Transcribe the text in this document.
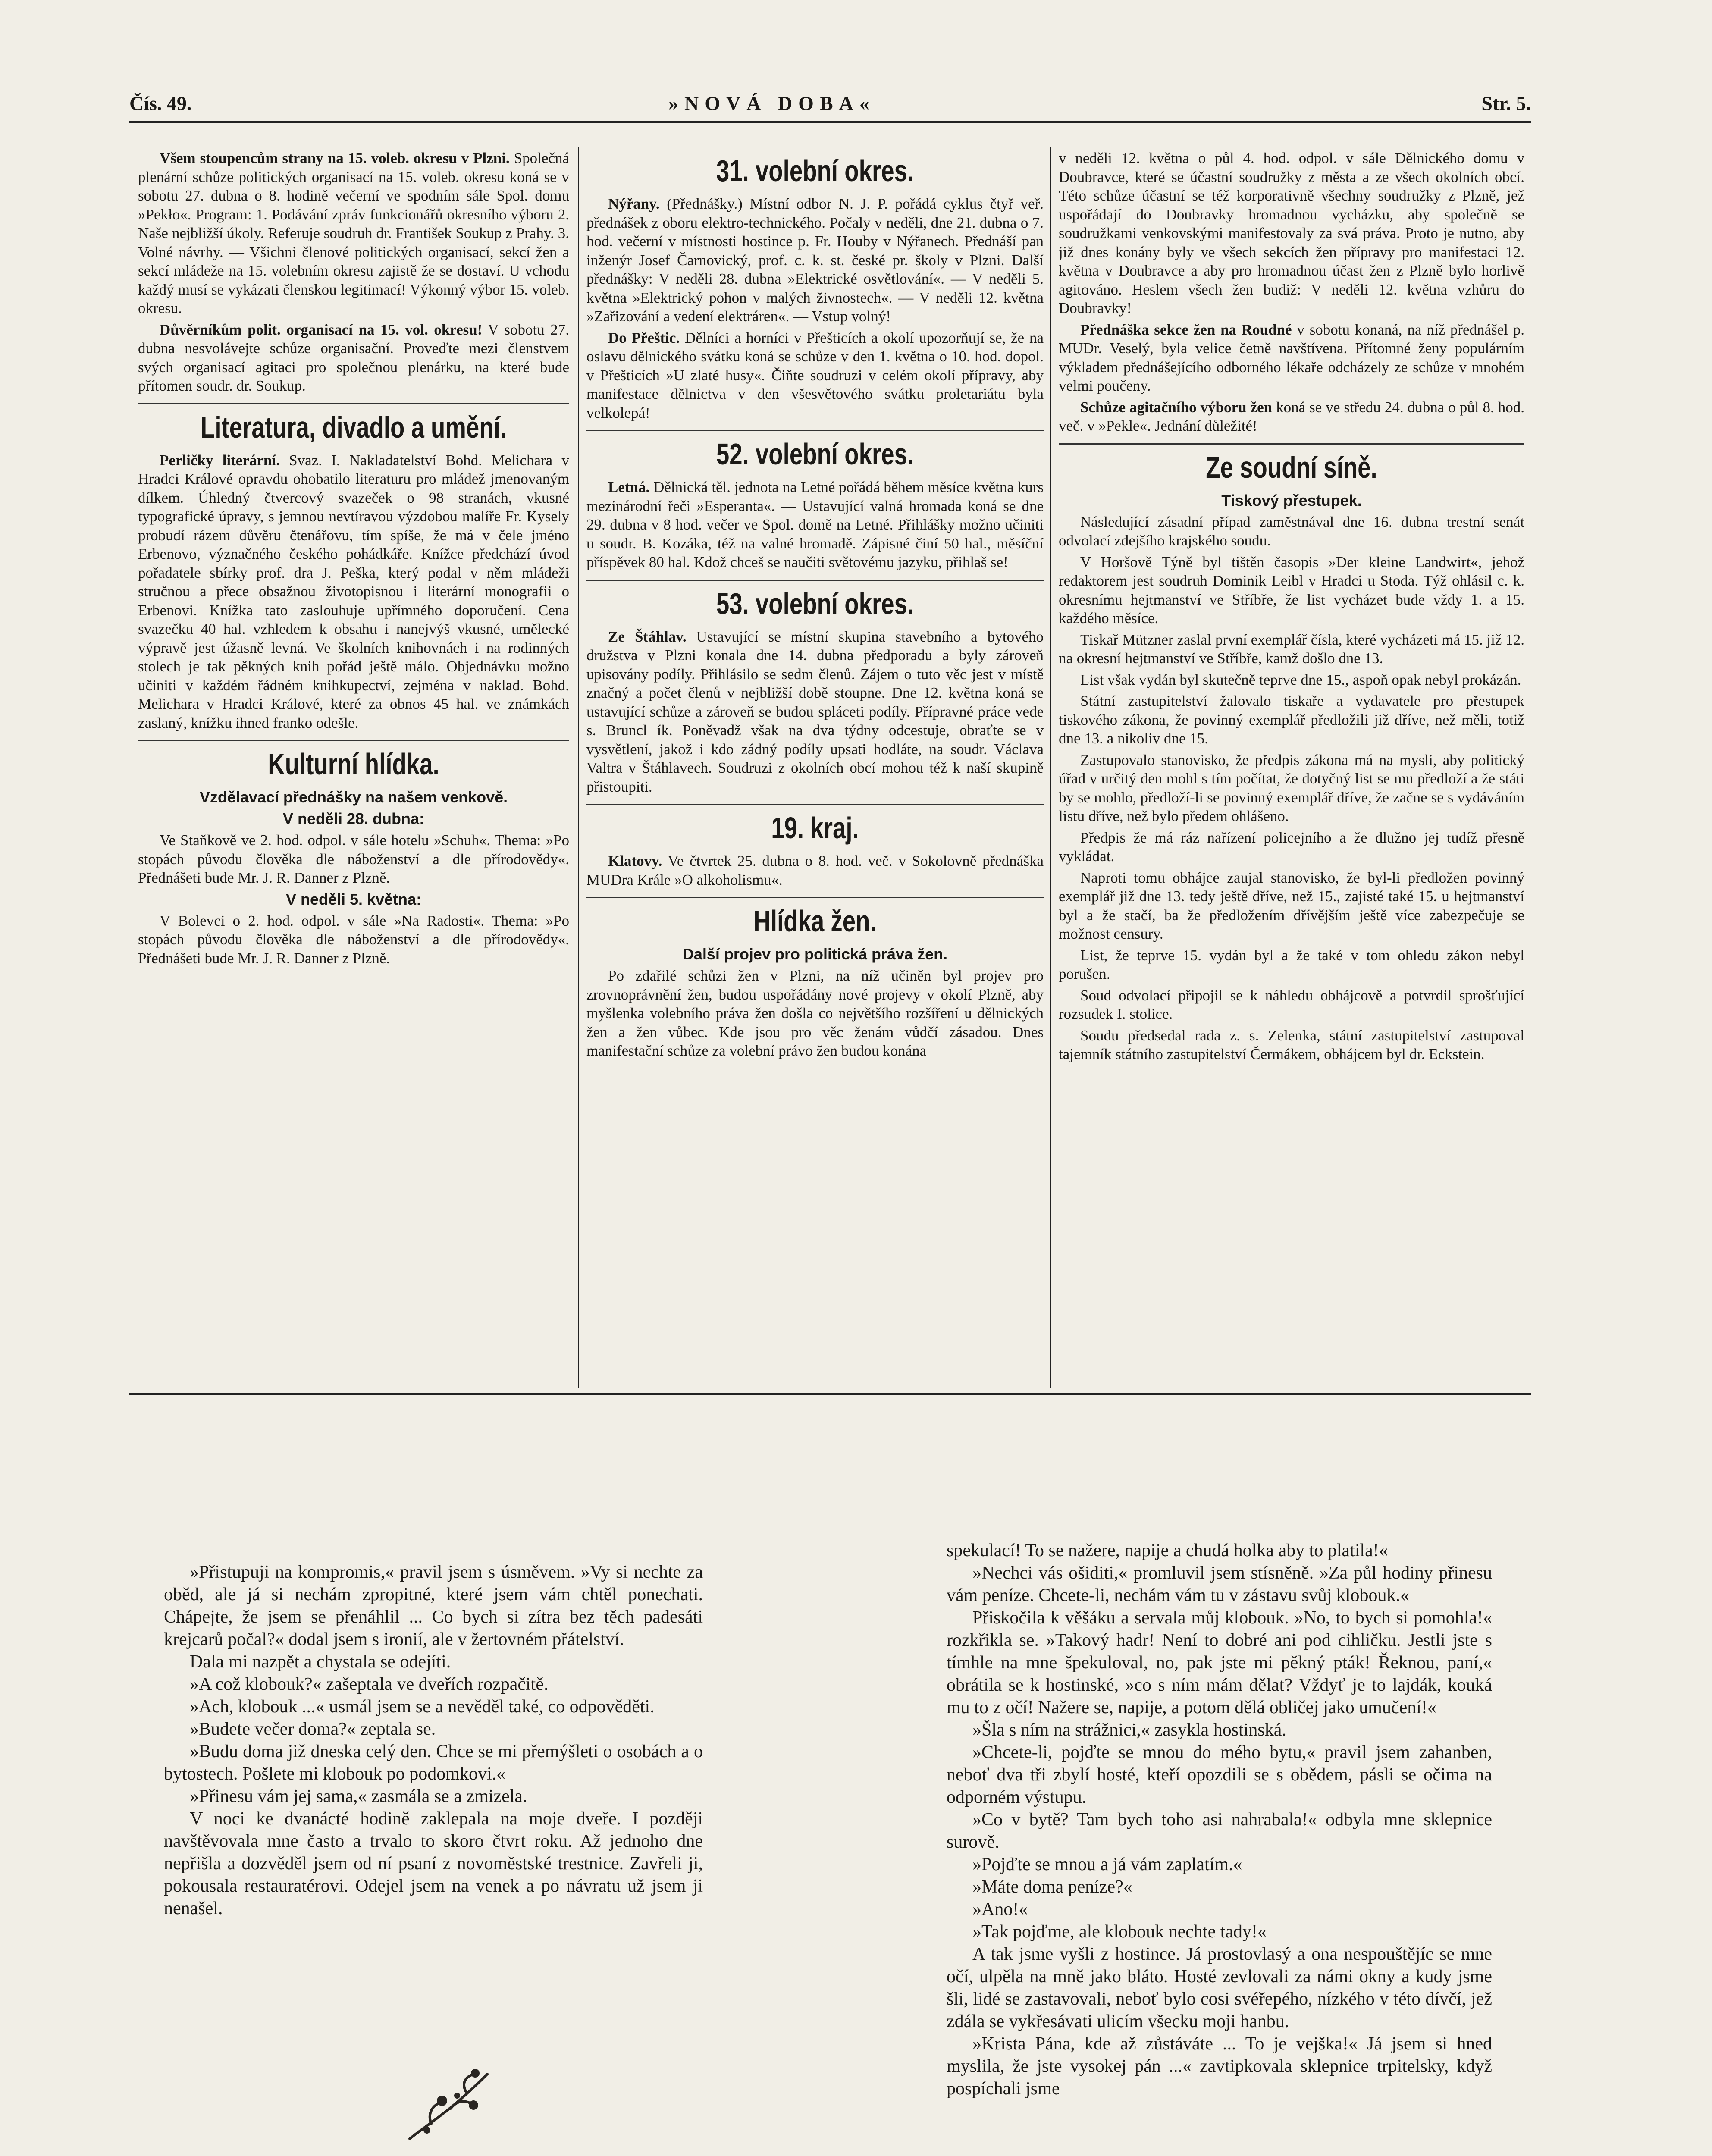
Čís. 49.	»NOVÁ DOBA«	Str. 5.

Všem stoupencům strany na 15. voleb. okresu v Plzni. Společná plenární schůze politických organisací na 15. voleb. okresu koná se v sobotu 27. dubna o 8. hodině večerní ve spodním sále Spol. domu »Pekło«. Program: 1. Podávání zpráv funkcionářů okresního výboru 2. Naše nejbližší úkoly. Referuje soudruh dr. František Soukup z Prahy. 3. Volné návrhy. — Všichni členové politických organisací, sekcí žen a sekcí mládeže na 15. volebním okresu zajistě že se dostaví. U vchodu každý musí se vykázati členskou legitimací! Výkonný výbor 15. voleb. okresu.

Důvěrníkům polit. organisací na 15. vol. okresu! V sobotu 27. dubna nesvolávejte schůze organisační. Proveďte mezi členstvem svých organisací agitaci pro společnou plenárku, na které bude přítomen soudr. dr. Soukup.

Literatura, divadlo a umění.

Perličky literární. Svaz. I. Nakladatelství Bohd. Melichara v Hradci Králové opravdu ohobatilo literaturu pro mládež jmenovaným dílkem. Úhledný čtvercový svazeček o 98 stranách, vkusné typografické úpravy, s jemnou nevtíravou výzdobou malíře Fr. Kysely probudí rázem důvěru čtenářovu, tím spíše, že má v čele jméno Erbenovo, význačného českého pohádkáře. Knížce předchází úvod pořadatele sbírky prof. dra J. Peška, který podal v něm mládeži stručnou a přece obsažnou životopisnou i literární monografii o Erbenovi. Knížka tato zaslouhuje upřímného doporučení. Cena svazečku 40 hal. vzhledem k obsahu i nanejvýš vkusné, umělecké výpravě jest úžasně levná. Ve školních knihovnách i na rodinných stolech je tak pěkných knih pořád ještě málo. Objednávku možno učiniti v každém řádném knihkupectví, zejména v naklad. Bohd. Melichara v Hradci Králové, které za obnos 45 hal. ve známkách zaslaný, knížku ihned franko odešle.

Kulturní hlídka.
Vzdělavací přednášky na našem venkově.
V neděli 28. dubna:

Ve Staňkově ve 2. hod. odpol. v sále hotelu »Schuh«. Thema: »Po stopách původu člověka dle náboženství a dle přírodovědy«. Přednášeti bude Mr. J. R. Danner z Plzně.

V neděli 5. května:

V Bolevci o 2. hod. odpol. v sále »Na Radosti«. Thema: »Po stopách původu člověka dle náboženství a dle přírodovědy«. Přednášeti bude Mr. J. R. Danner z Plzně.

31. volební okres.

Nýřany. (Přednášky.) Místní odbor N. J. P. pořádá cyklus čtyř veř. přednášek z oboru elektro-technického. Počaly v neděli, dne 21. dubna o 7. hod. večerní v místnosti hostince p. Fr. Houby v Nýřanech. Přednáší pan inženýr Josef Čarnovický, prof. c. k. st. české pr. školy v Plzni. Další přednášky: V neděli 28. dubna »Elektrické osvětlování«. — V neděli 5. května »Elektrický pohon v malých živnostech«. — V neděli 12. května »Zařizování a vedení elektráren«. — Vstup volný!

Do Přeštic. Dělníci a horníci v Přešticích a okolí upozorňují se, že na oslavu dělnického svátku koná se schůze v den 1. května o 10. hod. dopol. v Přešticích »U zlaté husy«. Čiňte soudruzi v celém okolí přípravy, aby manifestace dělnictva v den všesvětového svátku proletariátu byla velkolepá!

52. volební okres.

Letná. Dělnická těl. jednota na Letné pořádá během měsíce května kurs mezinárodní řeči »Esperanta«. — Ustavující valná hromada koná se dne 29. dubna v 8 hod. večer ve Spol. domě na Letné. Přihlášky možno učiniti u soudr. B. Kozáka, též na valné hromadě. Zápisné činí 50 hal., měsíční příspěvek 80 hal. Kdož chceš se naučiti světovému jazyku, přihlaš se!

53. volební okres.

Ze Štáhlav. Ustavující se místní skupina stavebního a bytového družstva v Plzni konala dne 14. dubna předporadu a byly zároveň upisovány podíly. Přihlásilo se sedm členů. Zájem o tuto věc jest v místě značný a počet členů v nejbližší době stoupne. Dne 12. května koná se ustavující schůze a zároveň se budou spláceti podíly. Přípravné práce vede s. Bruncl ík. Poněvadž však na dva týdny odcestuje, obraťte se v vysvětlení, jakož i kdo zádný podíly upsati hodláte, na soudr. Václava Valtra v Štáhlavech. Soudruzi z okolních obcí mohou též k naší skupině přistoupiti.

19. kraj.

Klatovy. Ve čtvrtek 25. dubna o 8. hod. več. v Sokolovně přednáška MUDra Krále »O alkoholismu«.

Hlídka žen.
Další projev pro politická práva žen.

Po zdařilé schůzi žen v Plzni, na níž učiněn byl projev pro zrovnoprávnění žen, budou uspořádány nové projevy v okolí Plzně, aby myšlenka volebního práva žen došla co největšího rozšíření u dělnických žen a žen vůbec. Kde jsou pro věc ženám vůdčí zásadou. Dnes manifestační schůze za volební právo žen budou konána

v neděli 12. května o půl 4. hod. odpol. v sále Dělnického domu v Doubravce, které se účastní soudružky z města a ze všech okolních obcí. Této schůze účastní se též korporativně všechny soudružky z Plzně, jež uspořádají do Doubravky hromadnou vycházku, aby společně se soudružkami venkovskými manifestovaly za svá práva. Proto je nutno, aby již dnes konány byly ve všech sekcích žen přípravy pro manifestaci 12. května v Doubravce a aby pro hromadnou účast žen z Plzně bylo horlivě agitováno. Heslem všech žen budiž: V neděli 12. května vzhůru do Doubravky!

Přednáška sekce žen na Roudné v sobotu konaná, na níž přednášel p. MUDr. Veselý, byla velice četně navštívena. Přítomné ženy populárním výkladem přednášejícího odborného lékaře odcházely ze schůze v mnohém velmi poučeny.

Schůze agitačního výboru žen koná se ve středu 24. dubna o půl 8. hod. več. v »Pekle«. Jednání důležité!

Ze soudní síně.
Tiskový přestupek.

Následující zásadní případ zaměstnával dne 16. dubna trestní senát odvolací zdejšího krajského soudu.

V Horšově Týně byl tištěn časopis »Der kleine Landwirt«, jehož redaktorem jest soudruh Dominik Leibl v Hradci u Stoda. Týž ohlásil c. k. okresnímu hejtmanství ve Stříbře, že list vycházet bude vždy 1. a 15. každého měsíce.

Tiskař Mützner zaslal první exemplář čísla, které vycházeti má 15. již 12. na okresní hejtmanství ve Stříbře, kamž došlo dne 13.

List však vydán byl skutečně teprve dne 15., aspoň opak nebyl prokázán.

Státní zastupitelství žalovalo tiskaře a vydavatele pro přestupek tiskového zákona, že povinný exemplář předložili již dříve, než měli, totiž dne 13. a nikoliv dne 15.

Zastupovalo stanovisko, že předpis zákona má na mysli, aby politický úřad v určitý den mohl s tím počítat, že dotyčný list se mu předloží a že státi by se mohlo, předloží-li se povinný exemplář dříve, že začne se s vydáváním listu dříve, než bylo předem ohlášeno.

Předpis že má ráz nařízení policejního a že dlužno jej tudíž přesně vykládat.

Naproti tomu obhájce zaujal stanovisko, že byl-li předložen povinný exemplář již dne 13. tedy ještě dříve, než 15., zajisté také 15. u hejtmanství byl a že stačí, ba že předložením dřívějším ještě více zabezpečuje se možnost censury.

List, že teprve 15. vydán byl a že také v tom ohledu zákon nebyl porušen.

Soud odvolací připojil se k náhledu obhájcově a potvrdil sprošťující rozsudek I. stolice.

Soudu předsedal rada z. s. Zelenka, státní zastupitelství zastupoval tajemník státního zastupitelství Čermákem, obhájcem byl dr. Eckstein.

»Přistupuji na kompromis,« pravil jsem s úsměvem. »Vy si nechte za oběd, ale já si nechám zpropitné, které jsem vám chtěl ponechati. Chápejte, že jsem se přenáhlil ... Co bych si zítra bez těch padesáti krejcarů počal?« dodal jsem s ironií, ale v žertovném přátelství.

Dala mi nazpět a chystala se odejíti.

»A což klobouk?« zašeptala ve dveřích rozpačitě.

»Ach, klobouk ...« usmál jsem se a nevěděl také, co odpověděti.

»Budete večer doma?« zeptala se.

»Budu doma již dneska celý den. Chce se mi přemýšleti o osobách a o bytostech. Pošlete mi klobouk po podomkovi.«

»Přinesu vám jej sama,« zasmála se a zmizela.

V noci ke dvanácté hodině zaklepala na moje dveře. I později navštěvovala mne často a trvalo to skoro čtvrt roku. Až jednoho dne nepřišla a dozvěděl jsem od ní psaní z novoměstské trestnice. Zavřeli ji, pokousala restauratérovi. Odejel jsem na venek a po návratu už jsem ji nenašel.

spekulací! To se nažere, napije a chudá holka aby to platila!«

»Nechci vás ošiditi,« promluvil jsem stísněně. »Za půl hodiny přinesu vám peníze. Chcete-li, nechám vám tu v zástavu svůj klobouk.«

Přiskočila k věšáku a servala můj klobouk. »No, to bych si pomohla!« rozkřikla se. »Takový hadr! Není to dobré ani pod cihličku. Jestli jste s tímhle na mne špekuloval, no, pak jste mi pěkný pták! Řeknou, paní,« obrátila se k hostinské, »co s ním mám dělat? Vždyť je to lajdák, kouká mu to z očí! Nažere se, napije, a potom dělá obličej jako umučení!«

»Šla s ním na strážnici,« zasykla hostinská.

»Chcete-li, pojďte se mnou do mého bytu,« pravil jsem zahanben, neboť dva tři zbylí hosté, kteří opozdili se s obědem, pásli se očima na odporném výstupu.

»Co v bytě? Tam bych toho asi nahrabala!« odbyla mne sklepnice surově.

»Pojďte se mnou a já vám zaplatím.«

»Máte doma peníze?«

»Ano!«

»Tak pojďme, ale klobouk nechte tady!«

A tak jsme vyšli z hostince. Já prostovlasý a ona nespouštějíc se mne očí, ulpěla na mně jako bláto. Hosté zevlovali za námi okny a kudy jsme šli, lidé se zastavovali, neboť bylo cosi svéřepého, nízkého v této dívčí, jež zdála se vykřesávati ulicím všecku moji hanbu.

»Krista Pána, kde až zůstáváte ... To je vejška!« Já jsem si hned myslila, že jste vysokej pán ...« zavtipkovala sklepnice trpitelsky, když pospíchali jsme
